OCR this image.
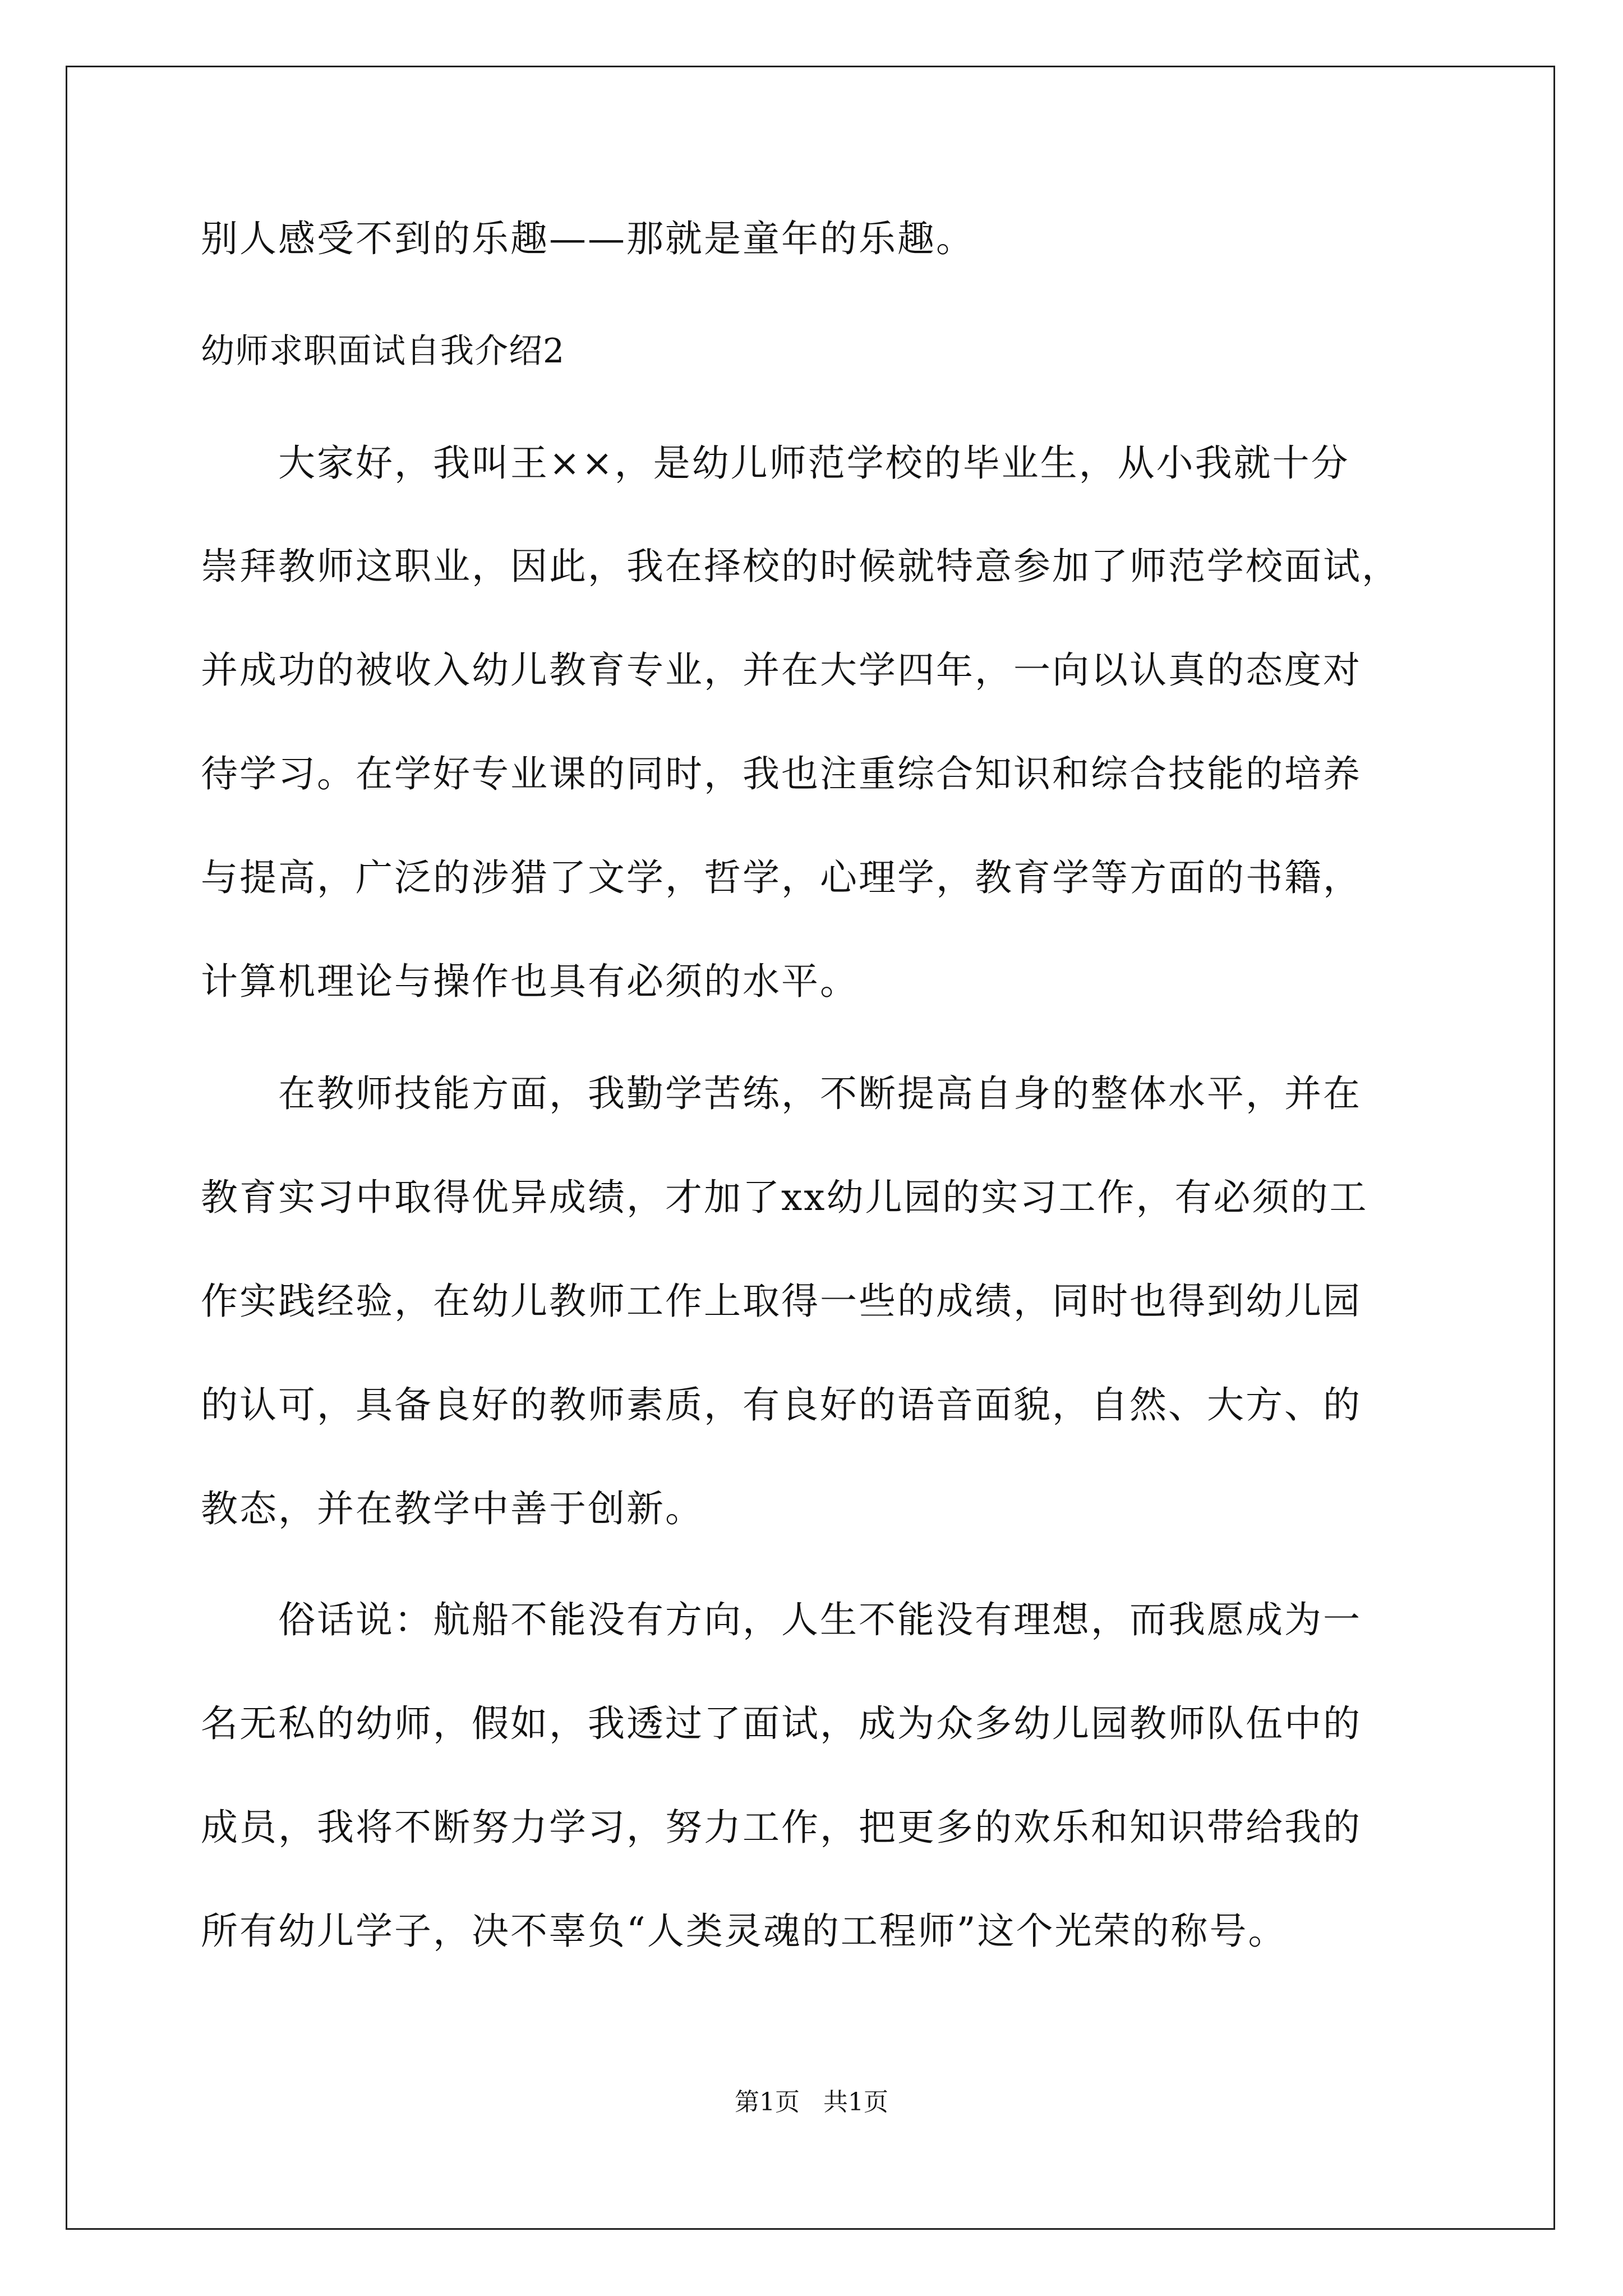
别人感受不到的乐趣——那就是童年的乐趣。
幼师求职面试自我介绍2
　　大家好，我叫王××，是幼儿师范学校的毕业生，从小我就十分
崇拜教师这职业，因此，我在择校的时候就特意参加了师范学校面试，
并成功的被收入幼儿教育专业，并在大学四年，一向以认真的态度对
待学习。在学好专业课的同时，我也注重综合知识和综合技能的培养
与提高，广泛的涉猎了文学，哲学，心理学，教育学等方面的书籍，
计算机理论与操作也具有必须的水平。
　　在教师技能方面，我勤学苦练，不断提高自身的整体水平，并在
教育实习中取得优异成绩，才加了xx幼儿园的实习工作，有必须的工
作实践经验，在幼儿教师工作上取得一些的成绩，同时也得到幼儿园
的认可，具备良好的教师素质，有良好的语音面貌，自然、大方、的
教态，并在教学中善于创新。
　　俗话说：航船不能没有方向，人生不能没有理想，而我愿成为一
名无私的幼师，假如，我透过了面试，成为众多幼儿园教师队伍中的
成员，我将不断努力学习，努力工作，把更多的欢乐和知识带给我的
所有幼儿学子，决不辜负“人类灵魂的工程师”这个光荣的称号。
第1页   共1页
